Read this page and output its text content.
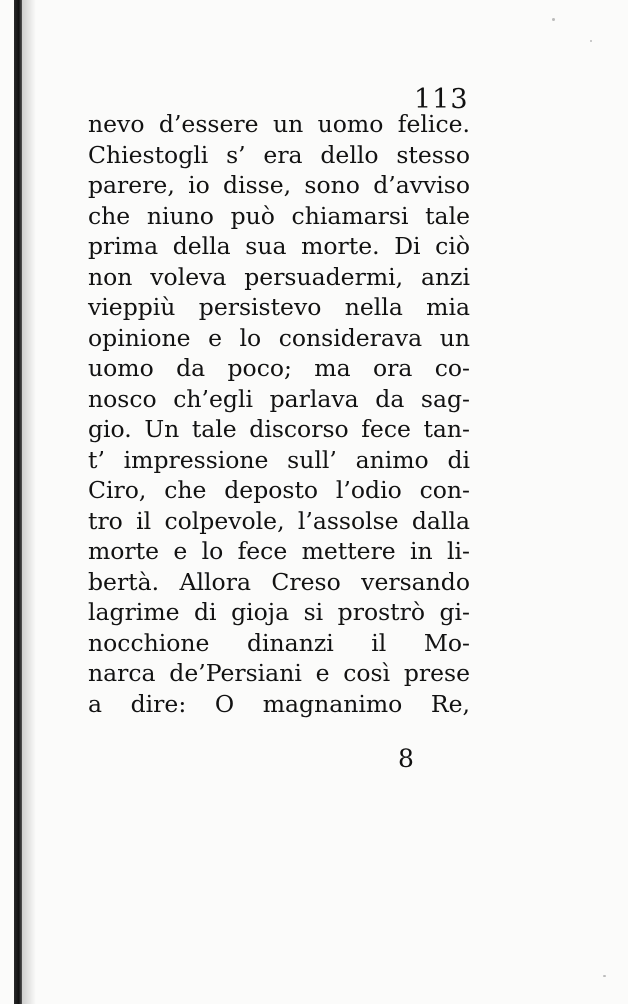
113
nevo d’essere un uomo felice.
Chiestogli s’ era dello stesso
parere, io disse, sono d’avviso
che niuno può chiamarsi tale
prima della sua morte. Di ciò
non voleva persuadermi, anzi
vieppiù persistevo nella mia
opinione e lo considerava un
uomo da poco; ma ora co-
nosco ch’egli parlava da sag-
gio. Un tale discorso fece tan-
t’ impressione sull’ animo di
Ciro, che deposto l’odio con-
tro il colpevole, l’assolse dalla
morte e lo fece mettere in li-
bertà. Allora Creso versando
lagrime di gioja si prostrò gi-
nocchione dinanzi il Mo-
narca de’Persiani e così prese
a dire: O magnanimo Re,
8
